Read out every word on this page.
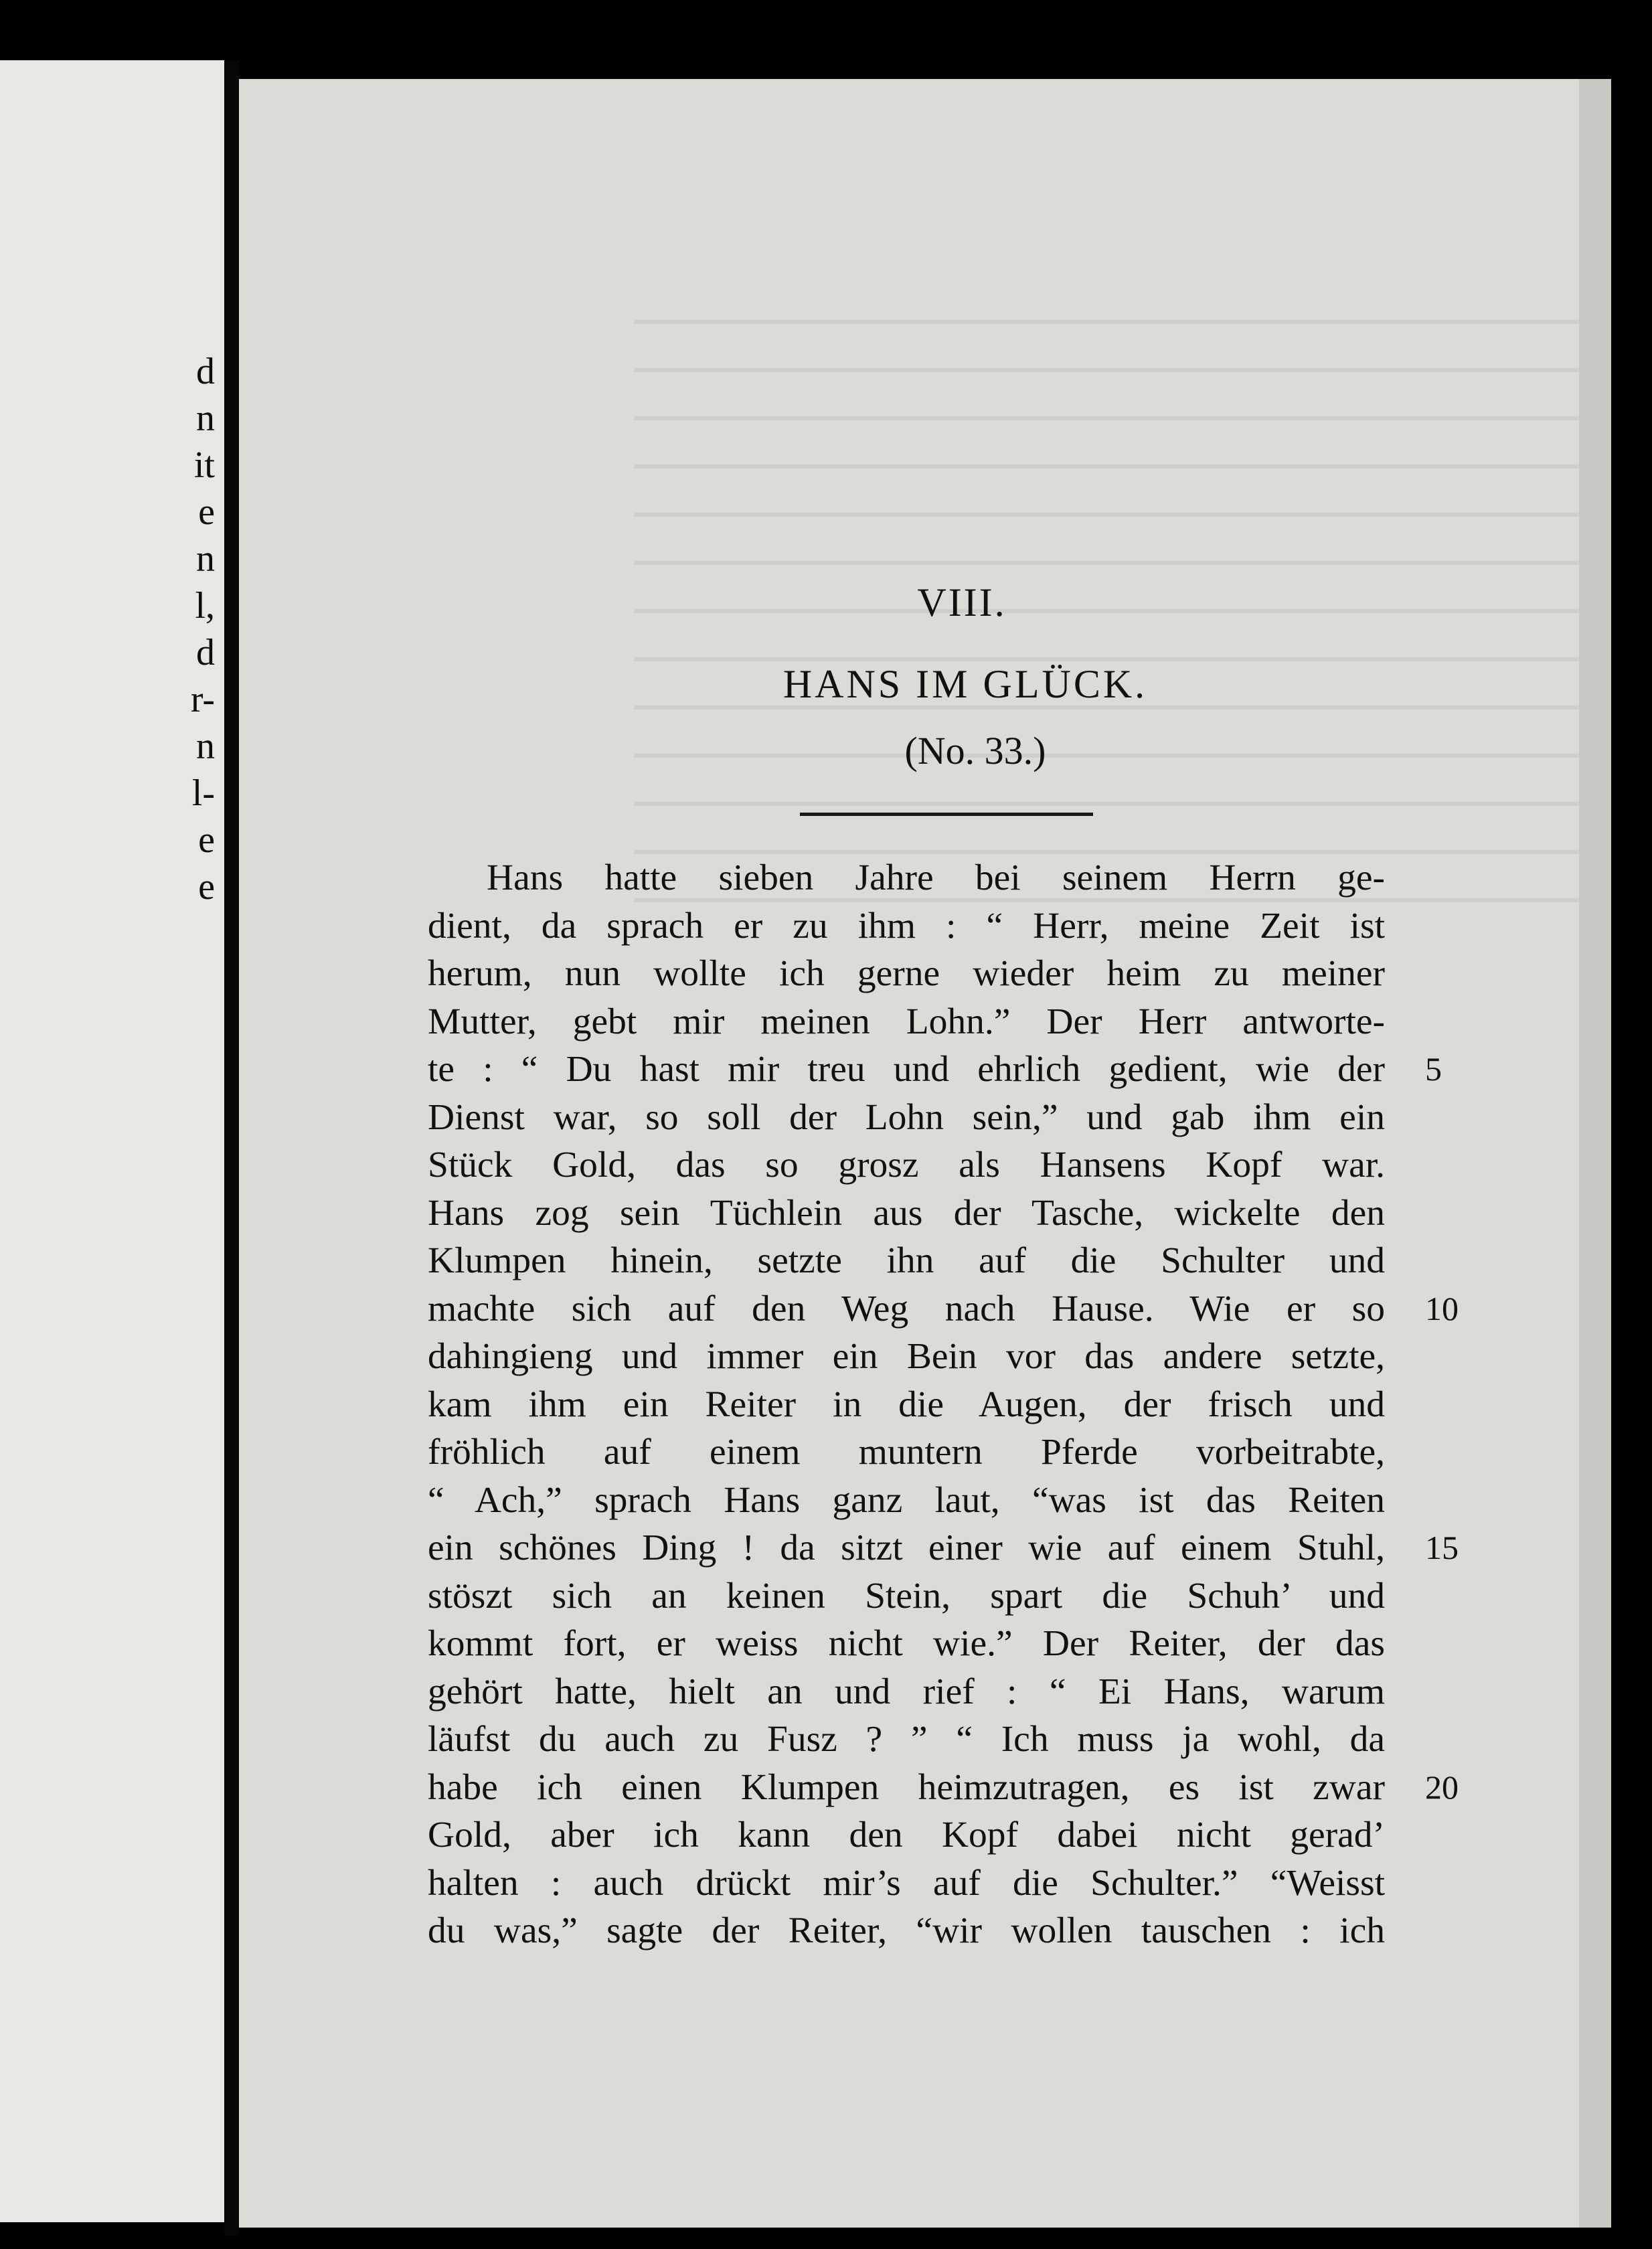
d
n
it
e
n
l,
d
r-
n
l-
e
e
VIII.
HANS IM GLÜCK.
(No. 33.)
Hans hatte sieben Jahre bei seinem Herrn ge-
dient, da sprach er zu ihm : “ Herr, meine Zeit ist
herum, nun wollte ich gerne wieder heim zu meiner
Mutter, gebt mir meinen Lohn.” Der Herr antworte-
te : “ Du hast mir treu und ehrlich gedient, wie der 5
Dienst war, so soll der Lohn sein,” und gab ihm ein
Stück Gold, das so grosz als Hansens Kopf war.
Hans zog sein Tüchlein aus der Tasche, wickelte den
Klumpen hinein, setzte ihn auf die Schulter und
machte sich auf den Weg nach Hause. Wie er so 10
dahingieng und immer ein Bein vor das andere setzte,
kam ihm ein Reiter in die Augen, der frisch und
fröhlich auf einem muntern Pferde vorbeitrabte,
“ Ach,” sprach Hans ganz laut, “was ist das Reiten
ein schönes Ding ! da sitzt einer wie auf einem Stuhl, 15
stöszt sich an keinen Stein, spart die Schuh’ und
kommt fort, er weiss nicht wie.” Der Reiter, der das
gehört hatte, hielt an und rief : “ Ei Hans, warum
läufst du auch zu Fusz ? ” “ Ich muss ja wohl, da
habe ich einen Klumpen heimzutragen, es ist zwar 20
Gold, aber ich kann den Kopf dabei nicht gerad’
halten : auch drückt mir’s auf die Schulter.” “Weisst
du was,” sagte der Reiter, “wir wollen tauschen : ich
